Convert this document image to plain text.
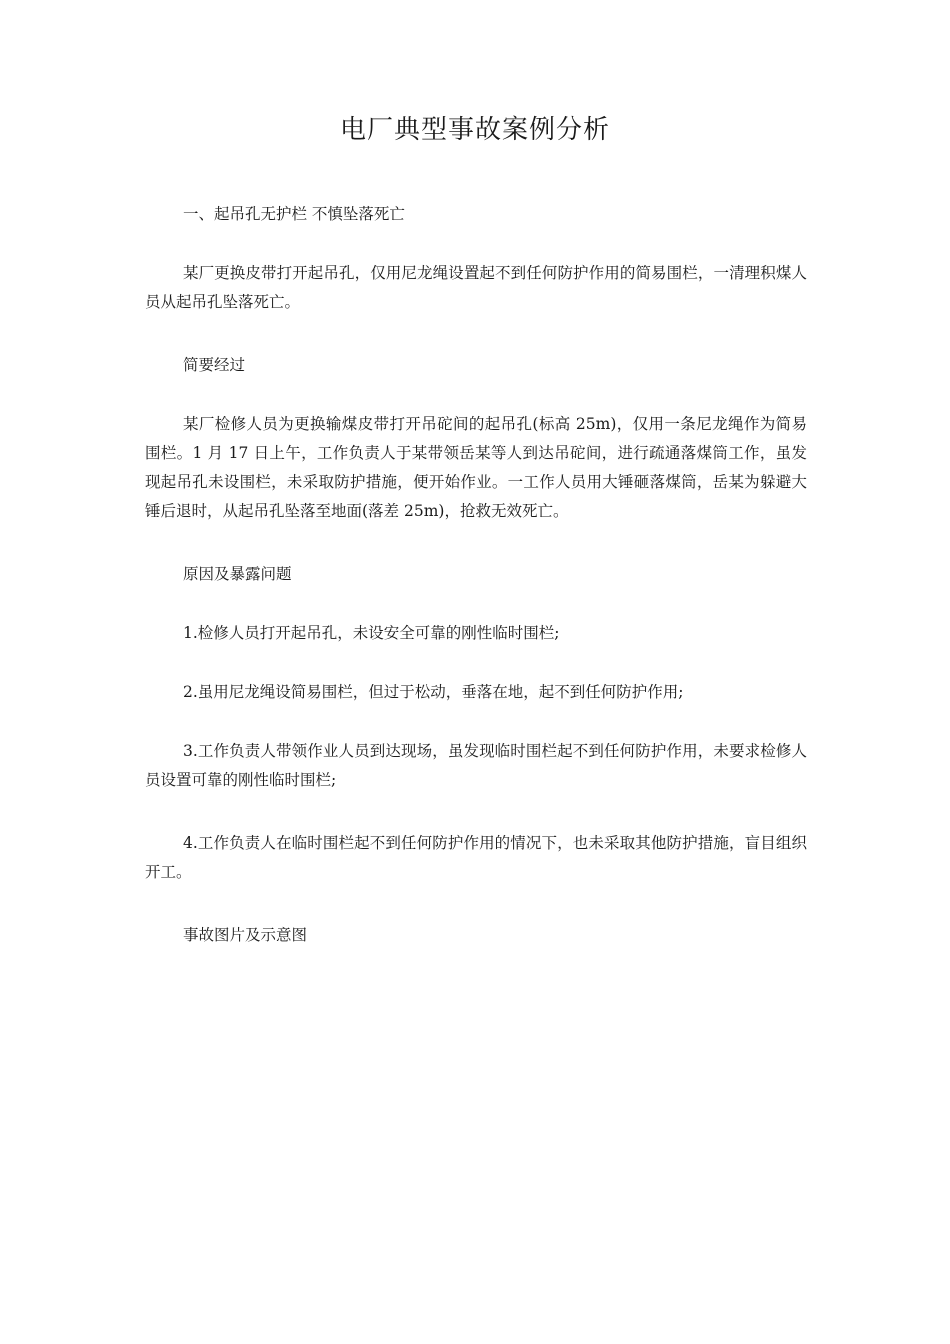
电厂典型事故案例分析

一、起吊孔无护栏 不慎坠落死亡

某厂更换皮带打开起吊孔，仅用尼龙绳设置起不到任何防护作用的简易围栏，一清理积煤人员从起吊孔坠落死亡。

简要经过

某厂检修人员为更换输煤皮带打开吊砣间的起吊孔(标高 25m)，仅用一条尼龙绳作为简易围栏。1 月 17 日上午，工作负责人于某带领岳某等人到达吊砣间，进行疏通落煤筒工作，虽发现起吊孔未设围栏，未采取防护措施，便开始作业。一工作人员用大锤砸落煤筒，岳某为躲避大锤后退时，从起吊孔坠落至地面(落差 25m)，抢救无效死亡。

原因及暴露问题

1.检修人员打开起吊孔，未设安全可靠的刚性临时围栏;

2.虽用尼龙绳设简易围栏，但过于松动，垂落在地，起不到任何防护作用;

3.工作负责人带领作业人员到达现场，虽发现临时围栏起不到任何防护作用，未要求检修人员设置可靠的刚性临时围栏;

4.工作负责人在临时围栏起不到任何防护作用的情况下，也未采取其他防护措施，盲目组织开工。

事故图片及示意图
